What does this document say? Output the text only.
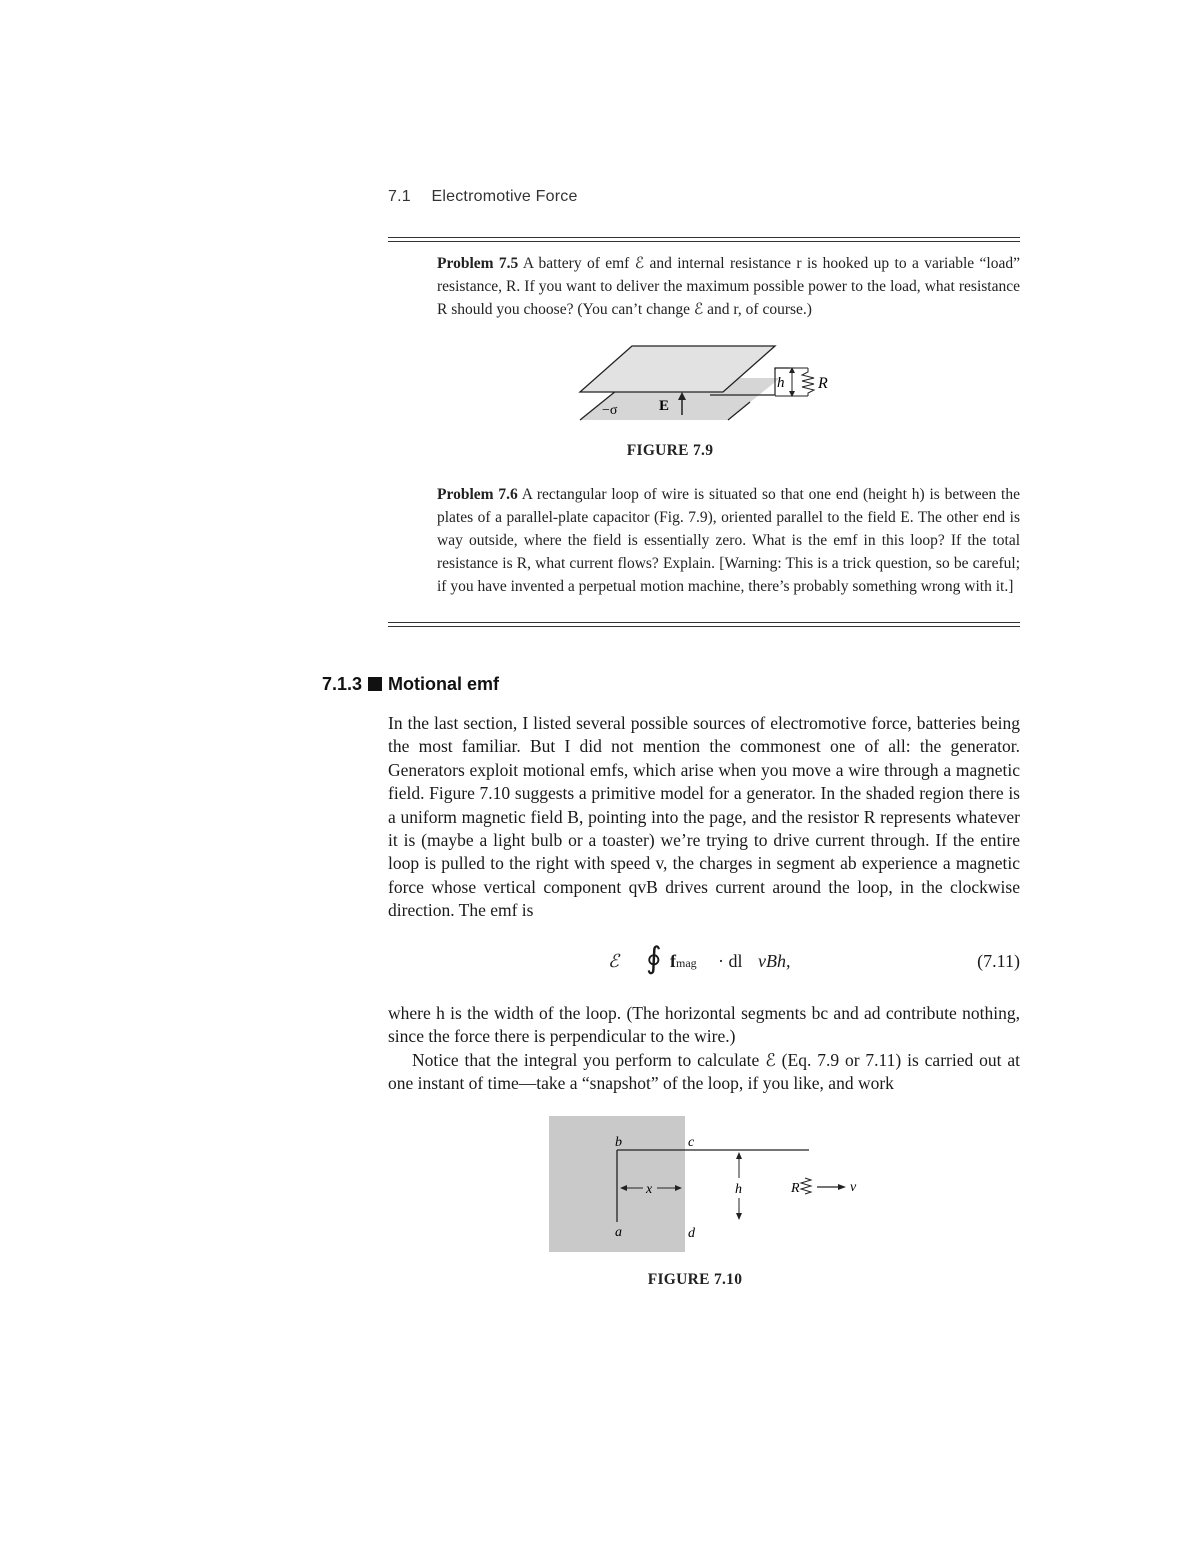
7.1 Electromotive Force
Problem 7.5 A battery of emf ℰ and internal resistance r is hooked up to a variable “load” resistance, R. If you want to deliver the maximum possible power to the load, what resistance R should you choose? (You can’t change ℰ and r, of course.)
h R
−σ	E
FIGURE 7.9
Problem 7.6 A rectangular loop of wire is situated so that one end (height h) is between the plates of a parallel-plate capacitor (Fig. 7.9), oriented parallel to the field E. The other end is way outside, where the field is essentially zero. What is the emf in this loop? If the total resistance is R, what current flows? Explain. [Warning: This is a trick question, so be careful; if you have invented a perpetual motion machine, there’s probably something wrong with it.]
7.1.3 Motional emf

In the last section, I listed several possible sources of electromotive force, batteries being the most familiar. But I did not mention the commonest one of all: the generator. Generators exploit motional emfs, which arise when you move a wire through a magnetic field. Figure 7.10 suggests a primitive model for a generator. In the shaded region there is a uniform magnetic field B, pointing into the page, and the resistor R represents whatever it is (maybe a light bulb or a toaster) we’re trying to drive current through. If the entire loop is pulled to the right with speed v, the charges in segment ab experience a magnetic force whose vertical component qvB drives current around the loop, in the clockwise direction. The emf is

ℰ ∮ fmag · dl vBh,	(7.11)

where h is the width of the loop. (The horizontal segments bc and ad contribute nothing, since the force there is perpendicular to the wire.)

Notice that the integral you perform to calculate ℰ (Eq. 7.9 or 7.11) is carried out at one instant of time—take a “snapshot” of the loop, if you like, and work

b	c
a	d
x	h	R	v
FIGURE 7.10
